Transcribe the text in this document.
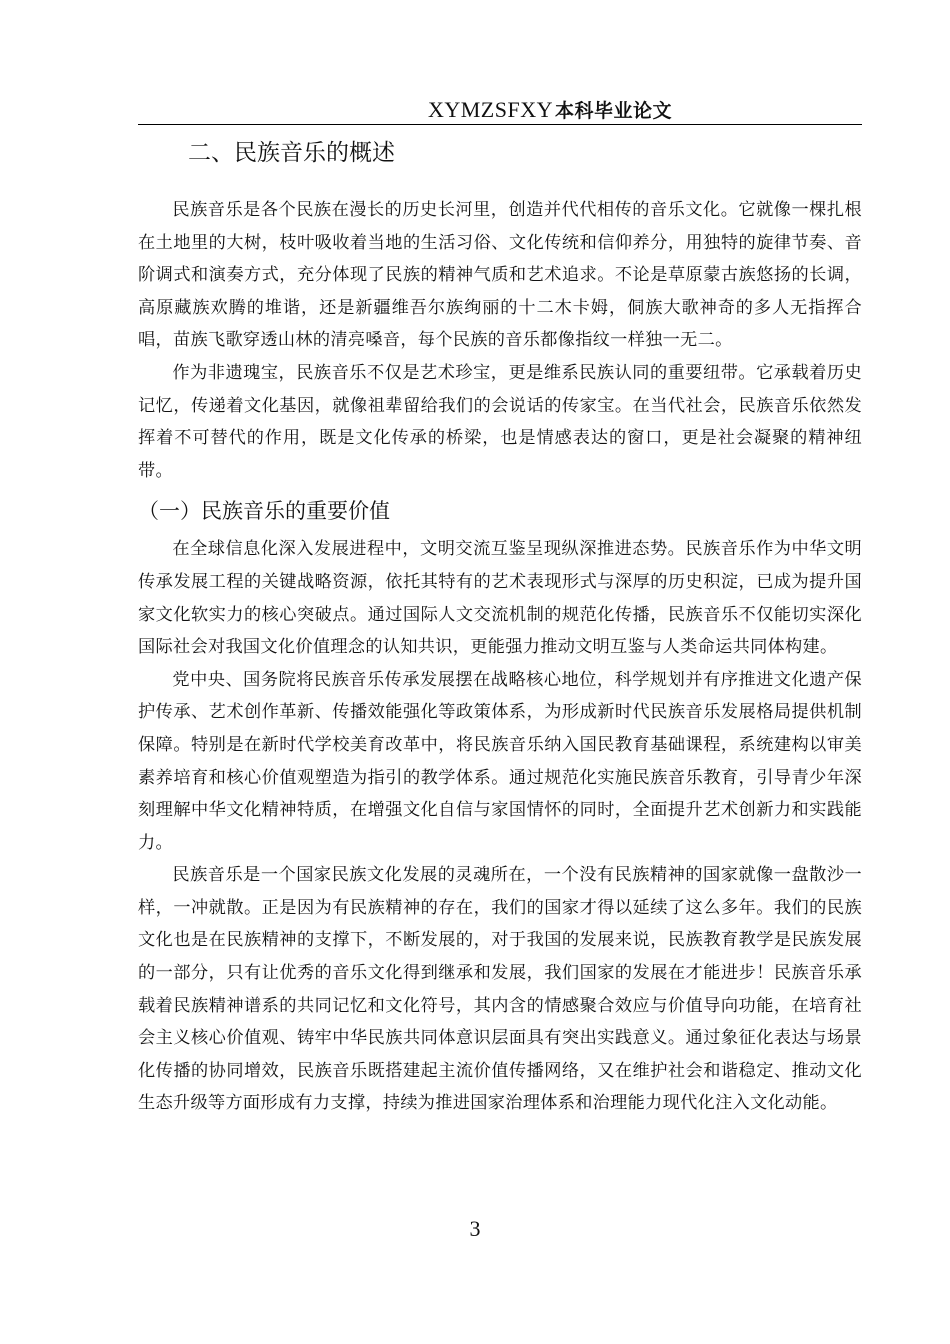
XYMZSFXY 本科毕业论文
二、民族音乐的概述

民族音乐是各个民族在漫长的历史长河里，创造并代代相传的音乐文化。它就像一棵扎根在土地里的大树，枝叶吸收着当地的生活习俗、文化传统和信仰养分，用独特的旋律节奏、音阶调式和演奏方式，充分体现了民族的精神气质和艺术追求。不论是草原蒙古族悠扬的长调，高原藏族欢腾的堆谐，还是新疆维吾尔族绚丽的十二木卡姆，侗族大歌神奇的多人无指挥合唱，苗族飞歌穿透山林的清亮嗓音，每个民族的音乐都像指纹一样独一无二。

作为非遗瑰宝，民族音乐不仅是艺术珍宝，更是维系民族认同的重要纽带。它承载着历史记忆，传递着文化基因，就像祖辈留给我们的会说话的传家宝。在当代社会，民族音乐依然发挥着不可替代的作用，既是文化传承的桥梁，也是情感表达的窗口，更是社会凝聚的精神纽带。

（一）民族音乐的重要价值

在全球信息化深入发展进程中，文明交流互鉴呈现纵深推进态势。民族音乐作为中华文明传承发展工程的关键战略资源，依托其特有的艺术表现形式与深厚的历史积淀，已成为提升国家文化软实力的核心突破点。通过国际人文交流机制的规范化传播，民族音乐不仅能切实深化国际社会对我国文化价值理念的认知共识，更能强力推动文明互鉴与人类命运共同体构建。

党中央、国务院将民族音乐传承发展摆在战略核心地位，科学规划并有序推进文化遗产保护传承、艺术创作革新、传播效能强化等政策体系，为形成新时代民族音乐发展格局提供机制保障。特别是在新时代学校美育改革中，将民族音乐纳入国民教育基础课程，系统建构以审美素养培育和核心价值观塑造为指引的教学体系。通过规范化实施民族音乐教育，引导青少年深刻理解中华文化精神特质，在增强文化自信与家国情怀的同时，全面提升艺术创新力和实践能力。

民族音乐是一个国家民族文化发展的灵魂所在，一个没有民族精神的国家就像一盘散沙一样，一冲就散。正是因为有民族精神的存在，我们的国家才得以延续了这么多年。我们的民族文化也是在民族精神的支撑下，不断发展的，对于我国的发展来说，民族教育教学是民族发展的一部分，只有让优秀的音乐文化得到继承和发展，我们国家的发展在才能进步！民族音乐承载着民族精神谱系的共同记忆和文化符号，其内含的情感聚合效应与价值导向功能，在培育社会主义核心价值观、铸牢中华民族共同体意识层面具有突出实践意义。通过象征化表达与场景化传播的协同增效，民族音乐既搭建起主流价值传播网络，又在维护社会和谐稳定、推动文化生态升级等方面形成有力支撑，持续为推进国家治理体系和治理能力现代化注入文化动能。

3
